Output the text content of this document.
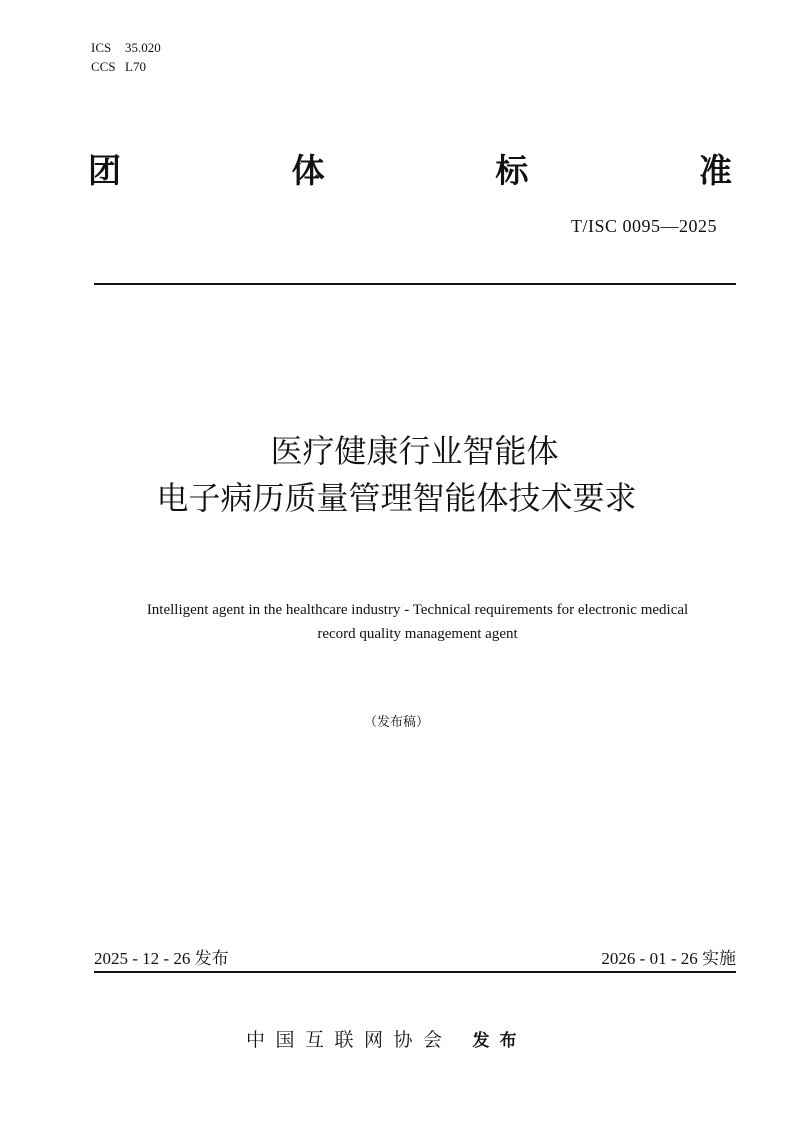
ICS 35.020
CCS L70
团	体	标	准
T/ISC 0095—2025
医疗健康行业智能体
电子病历质量管理智能体技术要求
Intelligent agent in the healthcare industry - Technical requirements for electronic medical
record quality management agent
（发布稿）
2025 - 12 - 26 发布	2026 - 01 - 26 实施
中国互联网协会 发布
